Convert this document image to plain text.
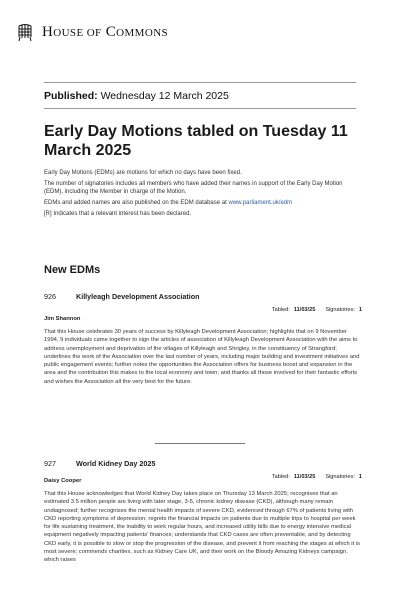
HOUSE OF COMMONS
Published: Wednesday 12 March 2025
Early Day Motions tabled on Tuesday 11 March 2025

Early Day Motions (EDMs) are motions for which no days have been fixed.

The number of signatories includes all members who have added their names in support of the Early Day Motion (EDM), including the Member in charge of the Motion.

EDMs and added names are also published on the EDM database at www.parliament.uk/edm

[R] Indicates that a relevant interest has been declared.

New EDMs
926	Killyleagh Development Association
Tabled: 11/03/25 Signatories: 1
Jim Shannon
That this House celebrates 30 years of success by Killyleagh Development Association; highlights that on 9 November 1994, 9 individuals came together to sign the articles of association of Killyleagh Development Association with the aims to address unemployment and deprivation of the villages of Killyleagh and Shrigley, in the constituency of Strangford; underlines the work of the Association over the last number of years, including major building and investment initiatives and public engagement events; further notes the opportunities the Association offers for business boost and expansion in the area and the contribution this makes to the local economy and town; and thanks all those involved for their fantastic efforts and wishes the Association all the very best for the future.
927	World Kidney Day 2025
Tabled: 11/03/25 Signatories: 1
Daisy Cooper
That this House acknowledges that World Kidney Day takes place on Thursday 13 March 2025; recognises that an estimated 3.5 million people are living with later stage, 3-5, chronic kidney disease (CKD), although many remain undiagnosed; further recognises the mental health impacts of severe CKD, evidenced through 67% of patients living with CKD reporting symptoms of depression; regrets the financial impacts on patients due to multiple trips to hospital per week for life sustaining treatment, the inability to work regular hours, and increased utility bills due to energy intensive medical equipment negatively impacting patients' finances; understands that CKD cases are often preventable, and by detecting CKD early, it is possible to slow or stop the progression of the disease, and prevent it from reaching the stages at which it is most severe; commends charities, such as Kidney Care UK, and their work on the Bloody Amazing Kidneys campaign, which raises
